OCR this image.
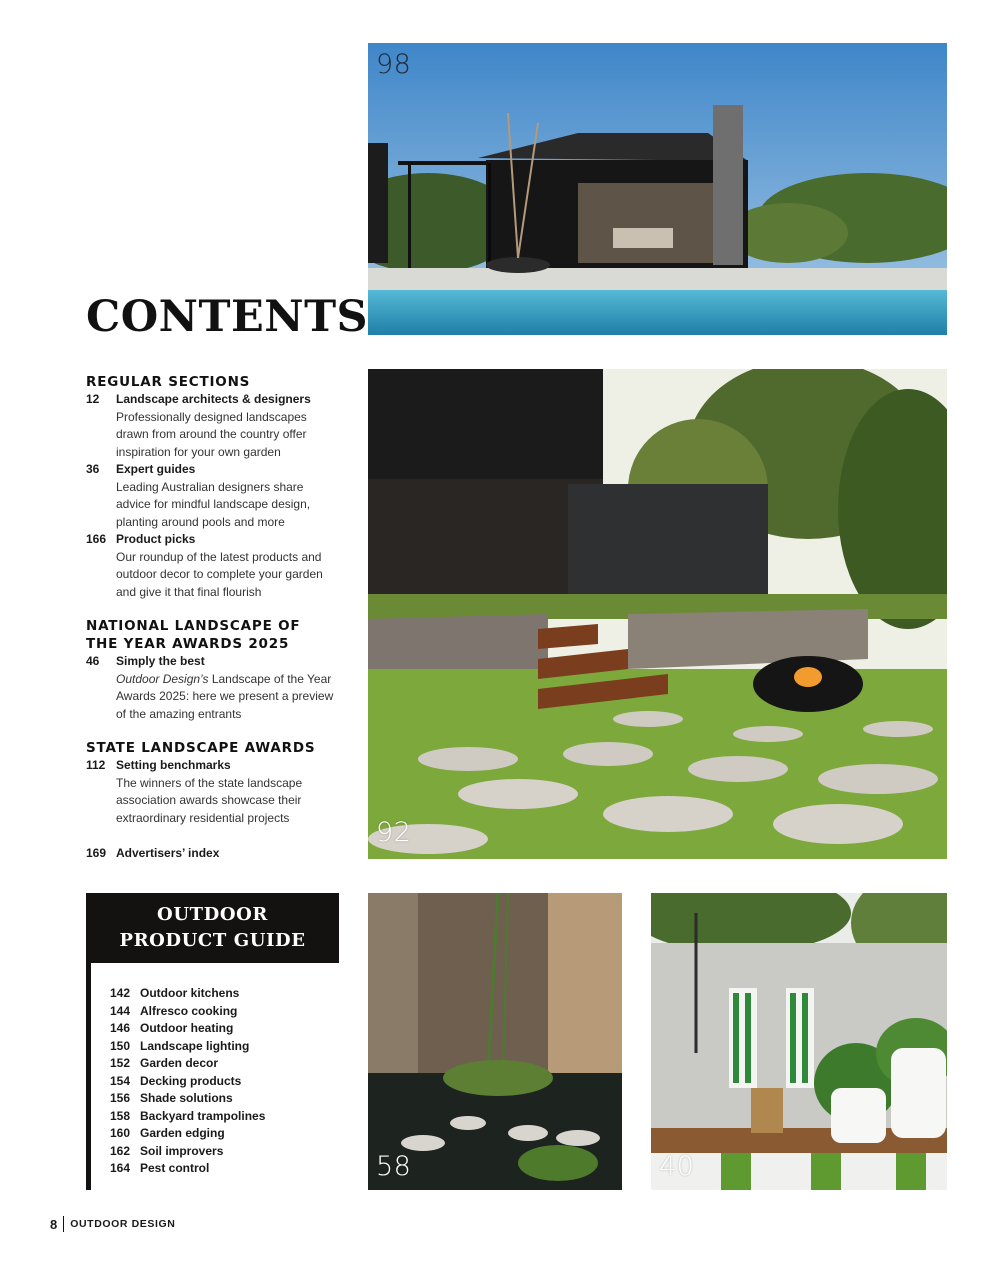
98
92
58	40
CONTENTS
REGULAR SECTIONS
12	Landscape architects & designers
Professionally designed landscapes drawn from around the country offer inspiration for your own garden
36	Expert guides
Leading Australian designers share advice for mindful landscape design, planting around pools and more
166 Product picks
Our roundup of the latest products and outdoor decor to complete your garden and give it that final flourish
NATIONAL LANDSCAPE OF
THE YEAR AWARDS 2025
46	Simply the best
Outdoor Design’s Landscape of the Year Awards 2025: here we present a preview of the amazing entrants
STATE LANDSCAPE AWARDS
112 Setting benchmarks
The winners of the state landscape association awards showcase their extraordinary residential projects
169 Advertisers’ index
OUTDOOR
PRODUCT GUIDE
142 Outdoor kitchens
144 Alfresco cooking
146 Outdoor heating
150 Landscape lighting
152 Garden decor
154 Decking products
156 Shade solutions
158 Backyard trampolines
160 Garden edging
162 Soil improvers
164 Pest control
8 OUTDOOR DESIGN
